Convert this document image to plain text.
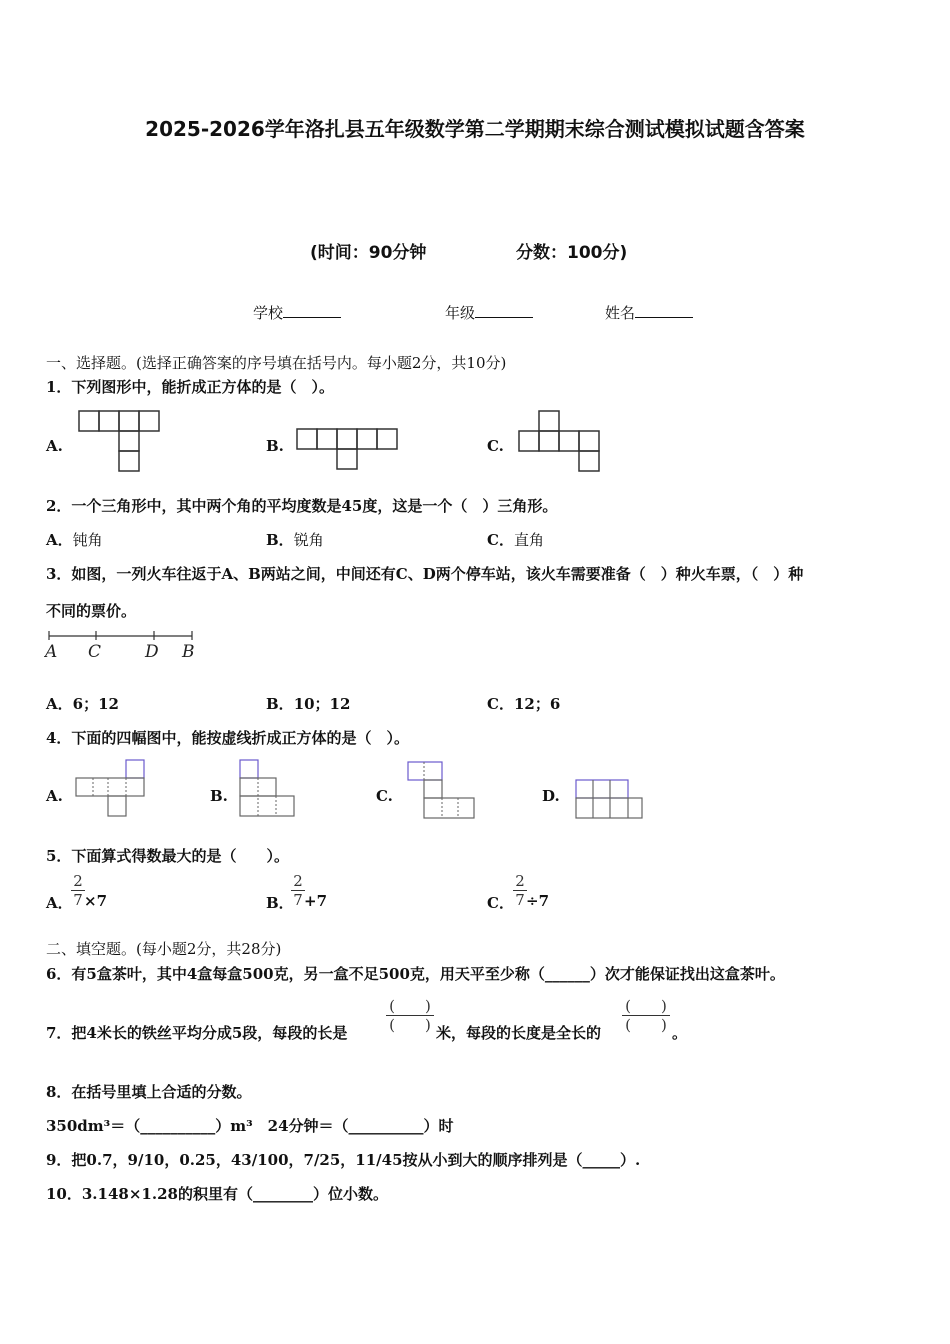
2025-2026学年洛扎县五年级数学第二学期期末综合测试模拟试题含答案
(时间：90分钟	分数：100分)
学校	年级	姓名
一、选择题。(选择正确答案的序号填在括号内。每小题2分，共10分)
1．下列图形中，能折成正方体的是（　）。
A.	B.	C.
2．一个三角形中，其中两个角的平均度数是45度，这是一个（　）三角形。
A．钝角	B．锐角	C．直角
3．如图，一列火车往返于A、B两站之间，中间还有C、D两个停车站，该火车需要准备（　）种火车票，（　）种
不同的票价。
A C	D B
A．6；12	B．10；12	C．12；6
4．下面的四幅图中，能按虚线折成正方体的是（　）。
A.	B.	C.	D.
5．下面算式得数最大的是（　　）。
A．
2
7 ×7	B．
2
7 +7	C．
2
7 ÷7
二、填空题。(每小题2分，共28分)
6．有5盒茶叶，其中4盒每盒500克，另一盒不足500克，用天平至少称（______）次才能保证找出这盒茶叶。
7．把4米长的铁丝平均分成5段，每段的长是
(　　)
(　　) 米，每段的长度是全长的
(　　)
(　　) 。
8．在括号里填上合适的分数。
350dm³＝（__________）m³　24分钟＝（__________）时
9．把0.7，9/10，0.25，43/100，7/25，11/45按从小到大的顺序排列是（_____）.
10．3.148×1.28的积里有（________）位小数。
